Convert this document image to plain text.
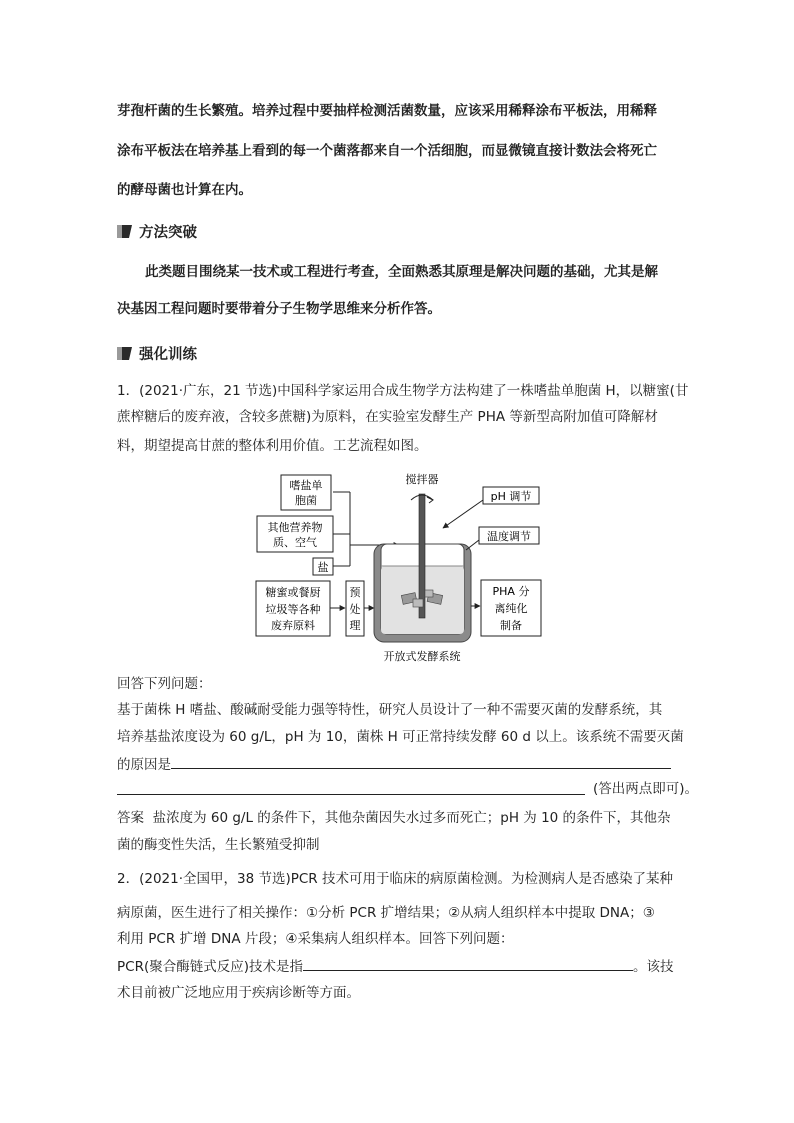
芽孢杆菌的生长繁殖。培养过程中要抽样检测活菌数量，应该采用稀释涂布平板法，用稀释
涂布平板法在培养基上看到的每一个菌落都来自一个活细胞，而显微镜直接计数法会将死亡
的酵母菌也计算在内。
方法突破
此类题目围绕某一技术或工程进行考查，全面熟悉其原理是解决问题的基础，尤其是解
决基因工程问题时要带着分子生物学思维来分析作答。
强化训练
1．(2021·广东，21 节选)中国科学家运用合成生物学方法构建了一株嗜盐单胞菌 H，以糖蜜(甘
蔗榨糖后的废弃液，含较多蔗糖)为原料，在实验室发酵生产 PHA 等新型高附加值可降解材
料，期望提高甘蔗的整体利用价值。工艺流程如图。
嗜盐单
胞菌
其他营养物
质、空气
盐
糖蜜或餐厨
垃圾等各种
废弃原料
预
处
理
搅拌器
pH 调节
温度调节
PHA 分
离纯化
制备
开放式发酵系统
回答下列问题：
基于菌株 H 嗜盐、酸碱耐受能力强等特性，研究人员设计了一种不需要灭菌的发酵系统，其
培养基盐浓度设为 60 g/L，pH 为 10，菌株 H 可正常持续发酵 60 d 以上。该系统不需要灭菌
的原因是
(答出两点即可)。
答案 盐浓度为 60 g/L 的条件下，其他杂菌因失水过多而死亡；pH 为 10 的条件下，其他杂
菌的酶变性失活，生长繁殖受抑制
2．(2021·全国甲，38 节选)PCR 技术可用于临床的病原菌检测。为检测病人是否感染了某种
病原菌，医生进行了相关操作：①分析 PCR 扩增结果；②从病人组织样本中提取 DNA；③
利用 PCR 扩增 DNA 片段；④采集病人组织样本。回答下列问题：
PCR(聚合酶链式反应)技术是指	。该技
术目前被广泛地应用于疾病诊断等方面。
